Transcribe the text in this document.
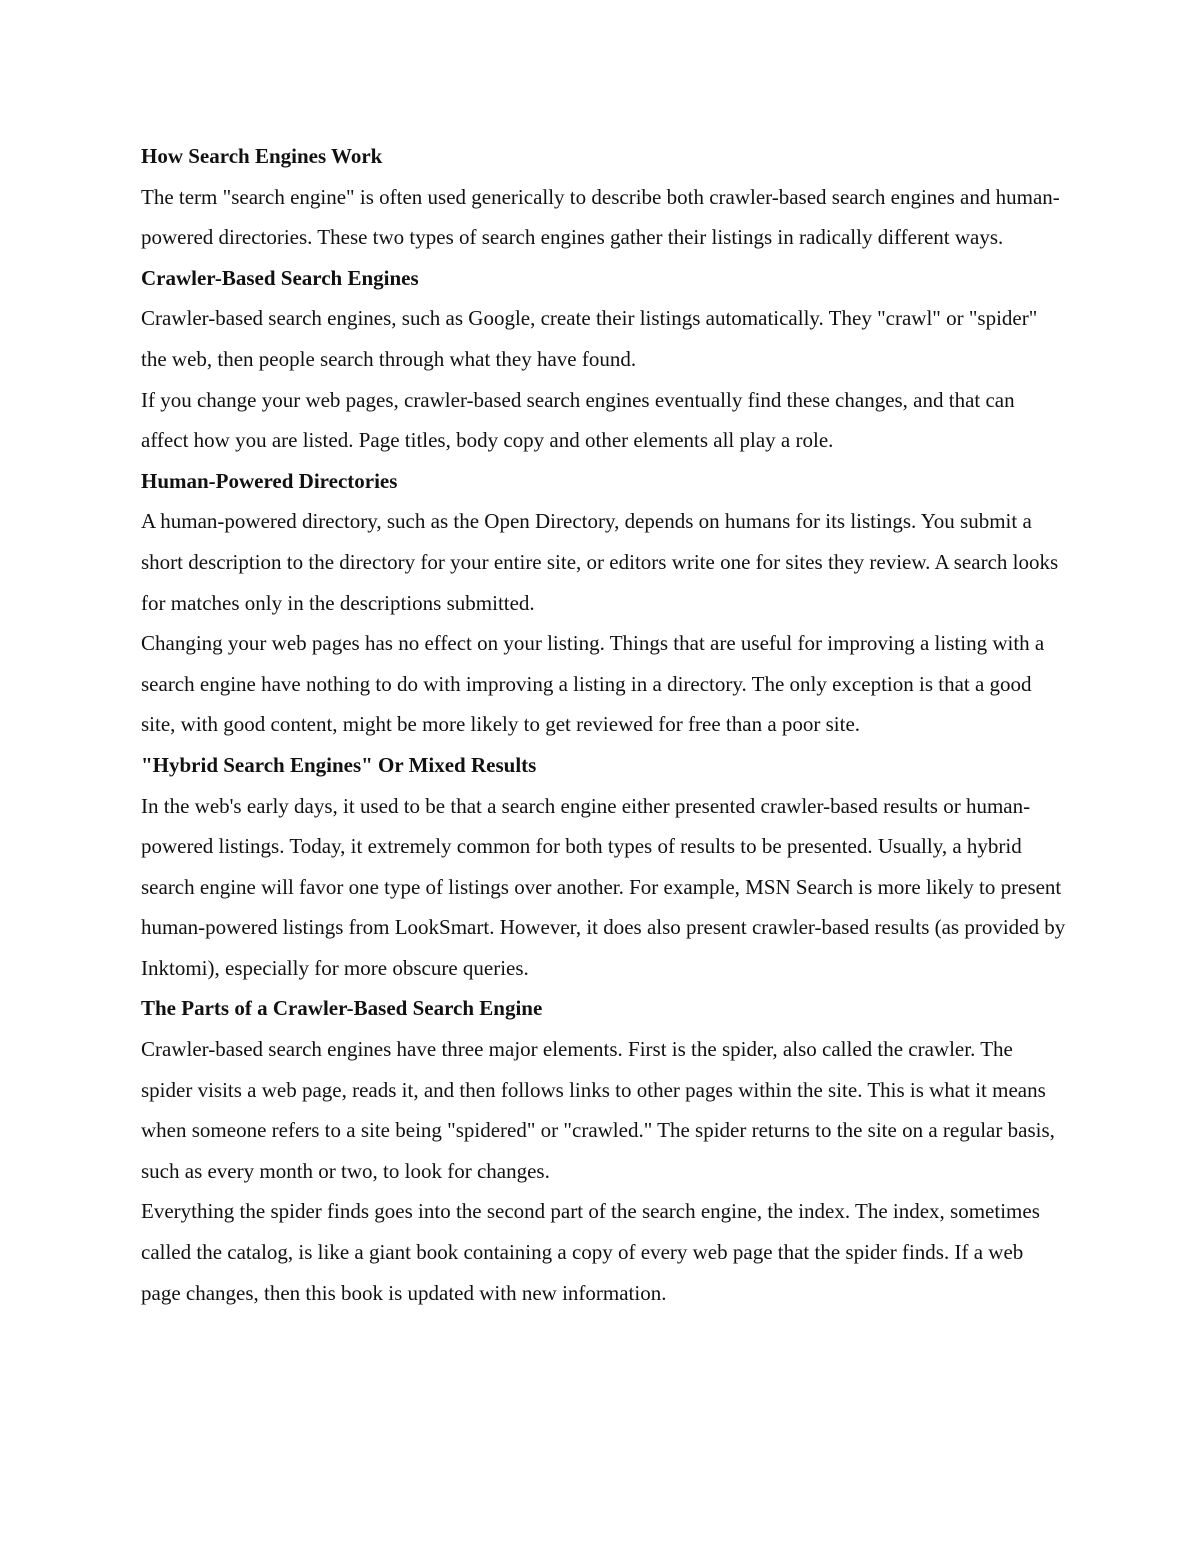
How Search Engines Work

The term "search engine" is often used generically to describe both crawler-based search engines and human-powered directories. These two types of search engines gather their listings in radically different ways.

Crawler-Based Search Engines

Crawler-based search engines, such as Google, create their listings automatically. They "crawl" or "spider" the web, then people search through what they have found.

If you change your web pages, crawler-based search engines eventually find these changes, and that can affect how you are listed. Page titles, body copy and other elements all play a role.

Human-Powered Directories

A human-powered directory, such as the Open Directory, depends on humans for its listings. You submit a short description to the directory for your entire site, or editors write one for sites they review. A search looks for matches only in the descriptions submitted.

Changing your web pages has no effect on your listing. Things that are useful for improving a listing with a search engine have nothing to do with improving a listing in a directory. The only exception is that a good site, with good content, might be more likely to get reviewed for free than a poor site.

"Hybrid Search Engines" Or Mixed Results

In the web's early days, it used to be that a search engine either presented crawler-based results or human-powered listings. Today, it extremely common for both types of results to be presented. Usually, a hybrid search engine will favor one type of listings over another. For example, MSN Search is more likely to present human-powered listings from LookSmart. However, it does also present crawler-based results (as provided by Inktomi), especially for more obscure queries.

The Parts of a Crawler-Based Search Engine

Crawler-based search engines have three major elements. First is the spider, also called the crawler. The spider visits a web page, reads it, and then follows links to other pages within the site. This is what it means when someone refers to a site being "spidered" or "crawled." The spider returns to the site on a regular basis, such as every month or two, to look for changes.

Everything the spider finds goes into the second part of the search engine, the index. The index, sometimes called the catalog, is like a giant book containing a copy of every web page that the spider finds. If a web page changes, then this book is updated with new information.
